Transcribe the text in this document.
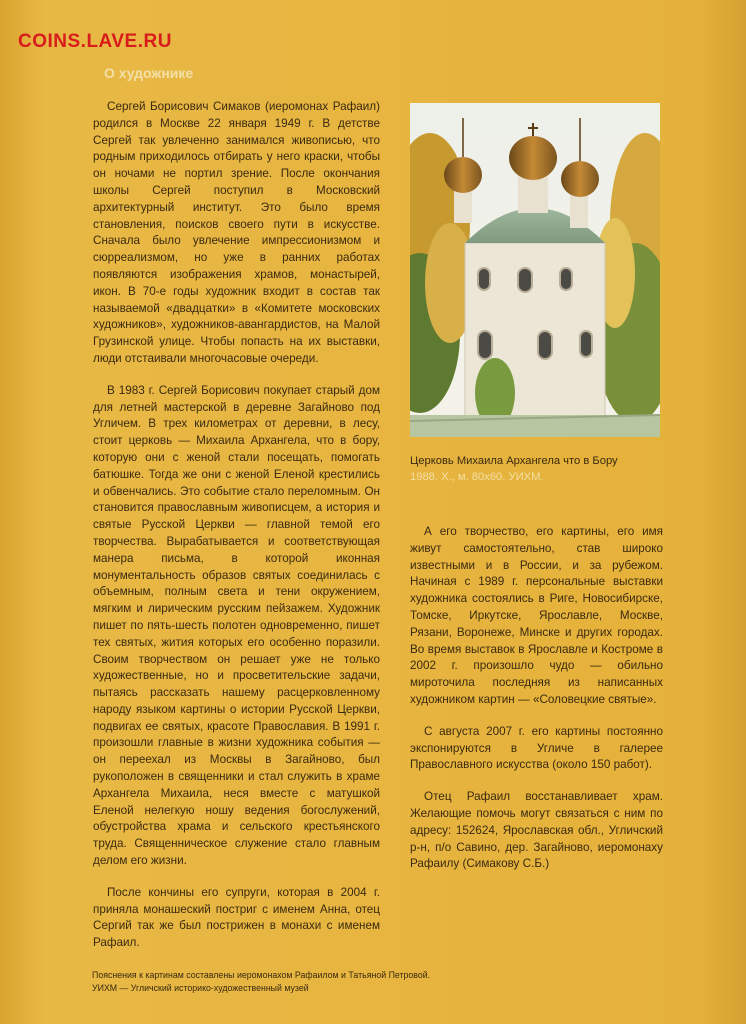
COINS.LAVE.RU
О художнике

Сергей Борисович Симаков (иеромонах Рафаил) родился в Москве 22 января 1949 г. В детстве Сергей так увлеченно занимался живописью, что родным приходилось отбирать у него краски, чтобы он ночами не портил зрение. После окончания школы Сергей поступил в Московский архитектурный институт. Это было время становления, поисков своего пути в искусстве. Сначала было увлечение импрессионизмом и сюрреализмом, но уже в ранних работах появляются изображения храмов, монастырей, икон. В 70-е годы художник входит в состав так называемой «двадцатки» в «Комитете московских художников», художников-авангардистов, на Малой Грузинской улице. Чтобы попасть на их выставки, люди отстаивали многочасовые очереди.

В 1983 г. Сергей Борисович покупает старый дом для летней мастерской в деревне Загайново под Угличем. В трех километрах от деревни, в лесу, стоит церковь — Михаила Архангела, что в бору, которую они с женой стали посещать, помогать батюшке. Тогда же они с женой Еленой крестились и обвенчались. Это событие стало переломным. Он становится православным живописцем, а история и святые Русской Церкви — главной темой его творчества. Вырабатывается и соответствующая манера письма, в которой иконная монументальность образов святых соединилась с объемным, полным света и тени окружением, мягким и лирическим русским пейзажем. Художник пишет по пять-шесть полотен одновременно, пишет тех святых, жития которых его особенно поразили. Своим творчеством он решает уже не только художественные, но и просветительские задачи, пытаясь рассказать нашему расцерковленному народу языком картины о истории Русской Церкви, подвигах ее святых, красоте Православия. В 1991 г. произошли главные в жизни художника события — он переехал из Москвы в Загайново, был рукоположен в священники и стал служить в храме Архангела Михаила, неся вместе с матушкой Еленой нелегкую ношу ведения богослужений, обустройства храма и сельского крестьянского труда. Священническое служение стало главным делом его жизни.

После кончины его супруги, которая в 2004 г. приняла монашеский постриг с именем Анна, отец Сергий так же был пострижен в монахи с именем Рафаил.

Церковь Михаила Архангела что в Бору
1988. Х., м. 80х60. УИХМ.

А его творчество, его картины, его имя живут самостоятельно, став широко известными и в России, и за рубежом. Начиная с 1989 г. персональные выставки художника состоялись в Риге, Новосибирске, Томске, Иркутске, Ярославле, Москве, Рязани, Воронеже, Минске и других городах. Во время выставок в Ярославле и Костроме в 2002 г. произошло чудо — обильно мироточила последняя из написанных художником картин — «Соловецкие святые».

С августа 2007 г. его картины постоянно экспонируются в Угличе в галерее Православного искусства (около 150 работ).

Отец Рафаил восстанавливает храм. Желающие помочь могут связаться с ним по адресу: 152624, Ярославская обл., Угличский р-н, п/о Савино, дер. Загайново, иеромонаху Рафаилу (Симакову С.Б.)

Пояснения к картинам составлены иеромонахом Рафаилом и Татьяной Петровой.
УИХМ — Угличский историко-художественный музей
